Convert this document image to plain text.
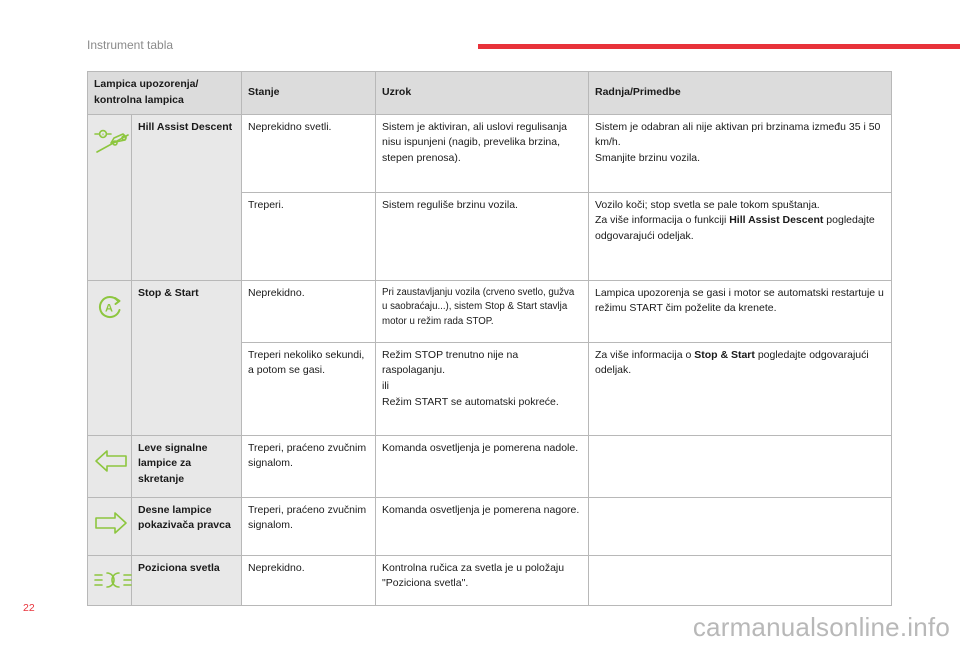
Instrument tabla
Lampica upozorenja/ kontrolna lampica		Stanje	Uzrok	Radnja/Primedbe

A	Hill Assist Descent	Neprekidno svetli.	Sistem je aktiviran, ali uslovi regulisanja nisu ispunjeni (nagib, prevelika brzina, stepen prenosa).	Sistem je odabran ali nije aktivan pri brzinama između 35 i 50 km/h.
Smanjite brzinu vozila.

		Treperi.	Sistem reguliše brzinu vozila.	Vozilo koči; stop svetla se pale tokom spuštanja.
Za više informacija o funkciji Hill Assist Descent pogledajte odgovarajući odeljak.

A	Stop & Start	Neprekidno.	Pri zaustavljanju vozila (crveno svetlo, gužva u saobraćaju...), sistem Stop & Start stavlja motor u režim rada STOP.	Lampica upozorenja se gasi i motor se automatski restartuje u režimu START čim poželite da krenete.
		Treperi nekoliko sekundi, a potom se gasi.	Režim STOP trenutno nije na raspolaganju.
ili
Režim START se automatski pokreće.	Za više informacija o Stop & Start pogledajte odgovarajući odeljak.

	Leve signalne lampice za skretanje	Treperi, praćeno zvučnim signalom.	Komanda osvetljenja je pomerena nadole.	

	Desne lampice pokazivača pravca	Treperi, praćeno zvučnim signalom.	Komanda osvetljenja je pomerena nagore.	

	Poziciona svetla	Neprekidno.	Kontrolna ručica za svetla je u položaju "Poziciona svetla".	
22
carmanualsonline.info
